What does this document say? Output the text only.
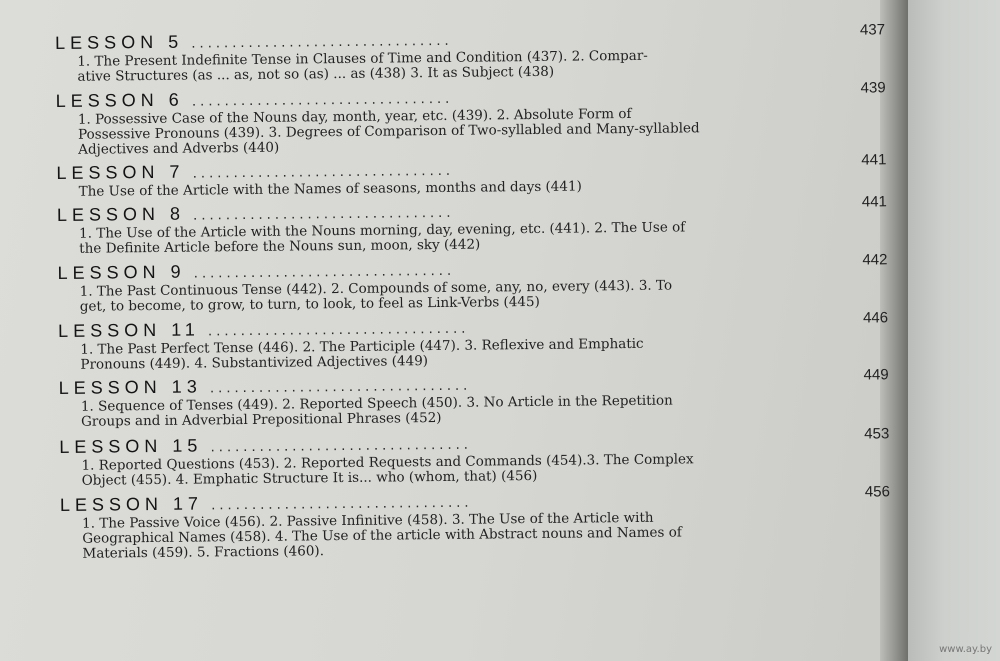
LESSON 5 ................................
437
1. The Present Indefinite Tense in Clauses of Time and Condition (437). 2. Compar-
ative Structures (as ... as, not so (as) ... as (438) 3. It as Subject (438)
LESSON 6 ................................
439
1. Possessive Case of the Nouns day, month, year, etc. (439). 2. Absolute Form of
Possessive Pronouns (439). 3. Degrees of Comparison of Two-syllabled and Many-syllabled
Adjectives and Adverbs (440)
LESSON 7 ................................
441
The Use of the Article with the Names of seasons, months and days (441)
LESSON 8 ................................
441
1. The Use of the Article with the Nouns morning, day, evening, etc. (441). 2. The Use of
the Definite Article before the Nouns sun, moon, sky (442)
LESSON 9 ................................
442
1. The Past Continuous Tense (442). 2. Compounds of some, any, no, every (443). 3. To
get, to become, to grow, to turn, to look, to feel as Link-Verbs (445)
LESSON 11 ................................
446
1. The Past Perfect Tense (446). 2. The Participle (447). 3. Reflexive and Emphatic
Pronouns (449). 4. Substantivized Adjectives (449)
LESSON 13 ................................
449
1. Sequence of Tenses (449). 2. Reported Speech (450). 3. No Article in the Repetition
Groups and in Adverbial Prepositional Phrases (452)
LESSON 15 ................................
453
1. Reported Questions (453). 2. Reported Requests and Commands (454).3. The Complex
Object (455). 4. Emphatic Structure It is... who (whom, that) (456)
LESSON 17 ................................
456
1. The Passive Voice (456). 2. Passive Infinitive (458). 3. The Use of the Article with
Geographical Names (458). 4. The Use of the article with Abstract nouns and Names of
Materials (459). 5. Fractions (460).
www.ay.by
